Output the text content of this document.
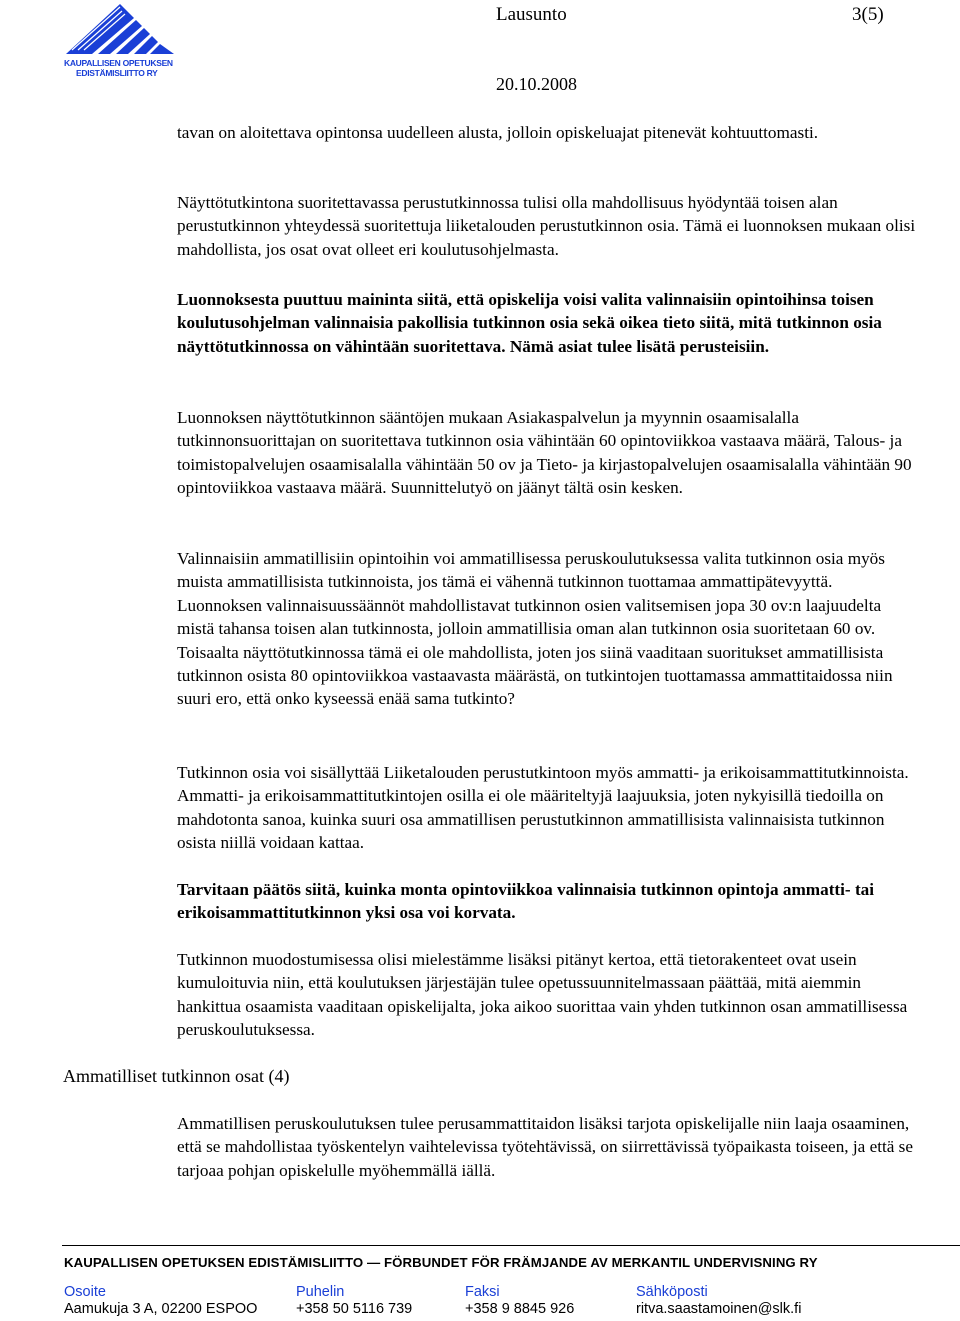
KAUPALLISEN OPETUKSEN
EDISTÄMISLIITTO RY
Lausunto	3(5)
20.10.2008

tavan on aloitettava opintonsa uudelleen alusta, jolloin opiskeluajat pitenevät kohtuuttomasti.

Näyttötutkintona suoritettavassa perustutkinnossa tulisi olla mahdollisuus hyödyntää toisen alan perustutkinnon yhteydessä suoritettuja liiketalouden perustutkinnon osia. Tämä ei luonnoksen mukaan olisi mahdollista, jos osat ovat olleet eri koulutusohjelmasta.

Luonnoksesta puuttuu maininta siitä, että opiskelija voisi valita valinnaisiin opintoihinsa toisen koulutusohjelman valinnaisia pakollisia tutkinnon osia sekä oikea tieto siitä, mitä tutkinnon osia näyttötutkinnossa on vähintään suoritettava. Nämä asiat tulee lisätä perusteisiin.

Luonnoksen näyttötutkinnon sääntöjen mukaan Asiakaspalvelun ja myynnin osaamisalalla tutkinnonsuorittajan on suoritettava tutkinnon osia vähintään 60 opintoviikkoa vastaava määrä, Talous- ja toimistopalvelujen osaamisalalla vähintään 50 ov ja Tieto- ja kirjastopalvelujen osaamisalalla vähintään 90 opintoviikkoa vastaava määrä. Suunnittelutyö on jäänyt tältä osin kesken.

Valinnaisiin ammatillisiin opintoihin voi ammatillisessa peruskoulutuksessa valita tutkinnon osia myös muista ammatillisista tutkinnoista, jos tämä ei vähennä tutkinnon tuottamaa ammattipätevyyttä. Luonnoksen valinnaisuussäännöt mahdollistavat tutkinnon osien valitsemisen jopa 30 ov:n laajuudelta mistä tahansa toisen alan tutkinnosta, jolloin ammatillisia oman alan tutkinnon osia suoritetaan 60 ov. Toisaalta näyttötutkinnossa tämä ei ole mahdollista, joten jos siinä vaaditaan suoritukset ammatillisista tutkinnon osista 80 opintoviikkoa vastaavasta määrästä, on tutkintojen tuottamassa ammattitaidossa niin suuri ero, että onko kyseessä enää sama tutkinto?

Tutkinnon osia voi sisällyttää Liiketalouden perustutkintoon myös ammatti- ja erikoisammattitutkinnoista. Ammatti- ja erikoisammattitutkintojen osilla ei ole määriteltyjä laajuuksia, joten nykyisillä tiedoilla on mahdotonta sanoa, kuinka suuri osa ammatillisen perustutkinnon ammatillisista valinnaisista tutkinnon osista niillä voidaan kattaa.

Tarvitaan päätös siitä, kuinka monta opintoviikkoa valinnaisia tutkinnon opintoja ammatti- tai erikoisammattitutkinnon yksi osa voi korvata.

Tutkinnon muodostumisessa olisi mielestämme lisäksi pitänyt kertoa, että tietorakenteet ovat usein kumuloituvia niin, että koulutuksen järjestäjän tulee opetussuunnitelmassaan päättää, mitä aiemmin hankittua osaamista vaaditaan opiskelijalta, joka aikoo suorittaa vain yhden tutkinnon osan ammatillisessa peruskoulutuksessa.

Ammatillisen peruskoulutuksen tulee perusammattitaidon lisäksi tarjota opiskelijalle niin laaja osaaminen, että se mahdollistaa työskentelyn vaihtelevissa työtehtävissä, on siirrettävissä työpaikasta toiseen, ja että se tarjoaa pohjan opiskelulle myöhemmällä iällä.

Ammatilliset tutkinnon osat (4)
KAUPALLISEN OPETUKSEN EDISTÄMISLIITTO — FÖRBUNDET FÖR FRÄMJANDE AV MERKANTIL UNDERVISNING RY
Osoite
Aamukuja 3 A, 02200 ESPOO
Puhelin
+358 50 5116 739
Faksi
+358 9 8845 926
Sähköposti
ritva.saastamoinen@slk.fi
